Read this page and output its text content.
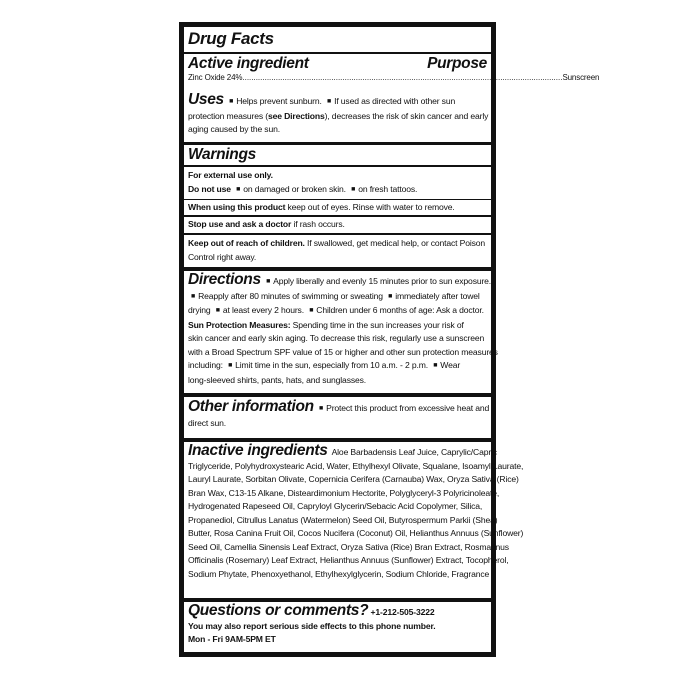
Drug Facts
Active ingredient	Purpose
Zinc Oxide 24% ................................................................................................................................................ Sunscreen
Uses ■ Helps prevent sunburn. ■ If used as directed with other sun
protection measures (see Directions), decreases the risk of skin cancer and early
aging caused by the sun.
Warnings
For external use only.
Do not use ■ on damaged or broken skin. ■ on fresh tattoos.
When using this product keep out of eyes. Rinse with water to remove.
Stop use and ask a doctor if rash occurs.
Keep out of reach of children. If swallowed, get medical help, or contact Poison
Control right away.
Directions ■ Apply liberally and evenly 15 minutes prior to sun exposure.
■ Reapply after 80 minutes of swimming or sweating ■ immediately after towel
drying ■ at least every 2 hours. ■ Children under 6 months of age: Ask a doctor.
Sun Protection Measures: Spending time in the sun increases your risk of
skin cancer and early skin aging. To decrease this risk, regularly use a sunscreen
with a Broad Spectrum SPF value of 15 or higher and other sun protection measures
including: ■ Limit time in the sun, especially from 10 a.m. - 2 p.m. ■ Wear
long-sleeved shirts, pants, hats, and sunglasses.
Other information ■ Protect this product from excessive heat and
direct sun.
Inactive ingredients Aloe Barbadensis Leaf Juice, Caprylic/Capric
Triglyceride, Polyhydroxystearic Acid, Water, Ethylhexyl Olivate, Squalane, Isoamyl Laurate,
Lauryl Laurate, Sorbitan Olivate, Copernicia Cerifera (Carnauba) Wax, Oryza Sativa (Rice)
Bran Wax, C13-15 Alkane, Disteardimonium Hectorite, Polyglyceryl-3 Polyricinoleate,
Hydrogenated Rapeseed Oil, Capryloyl Glycerin/Sebacic Acid Copolymer, Silica,
Propanediol, Citrullus Lanatus (Watermelon) Seed Oil, Butyrospermum Parkii (Shea)
Butter, Rosa Canina Fruit Oil, Cocos Nucifera (Coconut) Oil, Helianthus Annuus (Sunflower)
Seed Oil, Camellia Sinensis Leaf Extract, Oryza Sativa (Rice) Bran Extract, Rosmarinus
Officinalis (Rosemary) Leaf Extract, Helianthus Annuus (Sunflower) Extract, Tocopherol,
Sodium Phytate, Phenoxyethanol, Ethylhexylglycerin, Sodium Chloride, Fragrance
Questions or comments? +1-212-505-3222
You may also report serious side effects to this phone number.
Mon - Fri 9AM-5PM ET
